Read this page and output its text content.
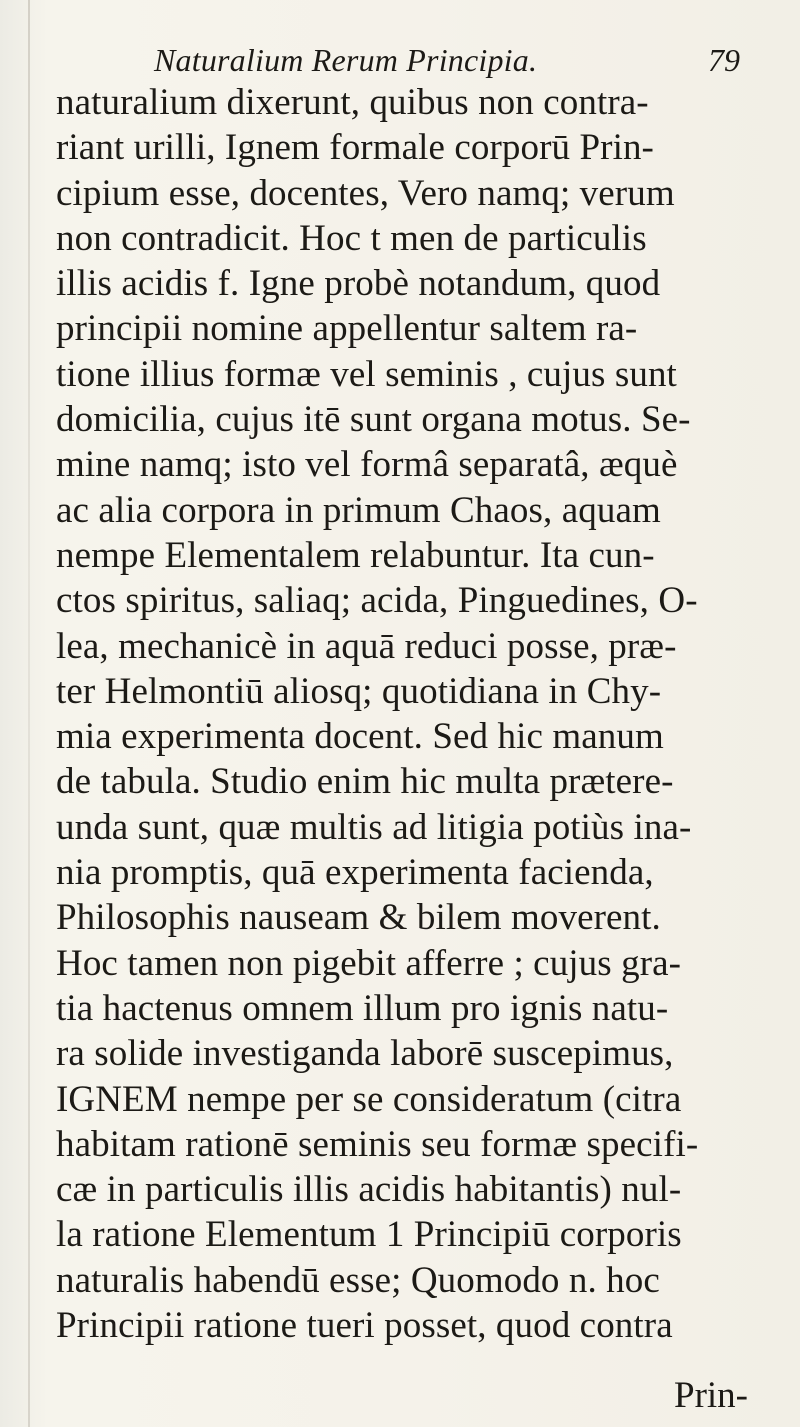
Naturalium Rerum Principia.	79
naturalium dixerunt, quibus non contra-
riant urilli, Ignem formale corporū Prin-
cipium esse, docentes, Vero namq; verum
non contradicit. Hoc t men de particulis
illis acidis f. Igne probè notandum, quod
principii nomine appellentur saltem ra-
tione illius formæ vel seminis , cujus sunt
domicilia, cujus itē sunt organa motus. Se-
mine namq; isto vel formâ separatâ, æquè
ac alia corpora in primum Chaos, aquam
nempe Elementalem relabuntur. Ita cun-
ctos spiritus, saliaq; acida, Pinguedines, O-
lea, mechanicè in aquā reduci posse, præ-
ter Helmontiū aliosq; quotidiana in Chy-
mia experimenta docent. Sed hic manum
de tabula. Studio enim hic multa prætere-
unda sunt, quæ multis ad litigia potiùs ina-
nia promptis, quā experimenta facienda,
Philosophis nauseam & bilem moverent.
Hoc tamen non pigebit afferre ; cujus gra-
tia hactenus omnem illum pro ignis natu-
ra solide investiganda laborē suscepimus,
IGNEM nempe per se consideratum (citra
habitam rationē seminis seu formæ specifi-
cæ in particulis illis acidis habitantis) nul-
la ratione Elementum 1 Principiū corporis
naturalis habendū esse; Quomodo n. hoc
Principii ratione tueri posset, quod contra
Prin-
